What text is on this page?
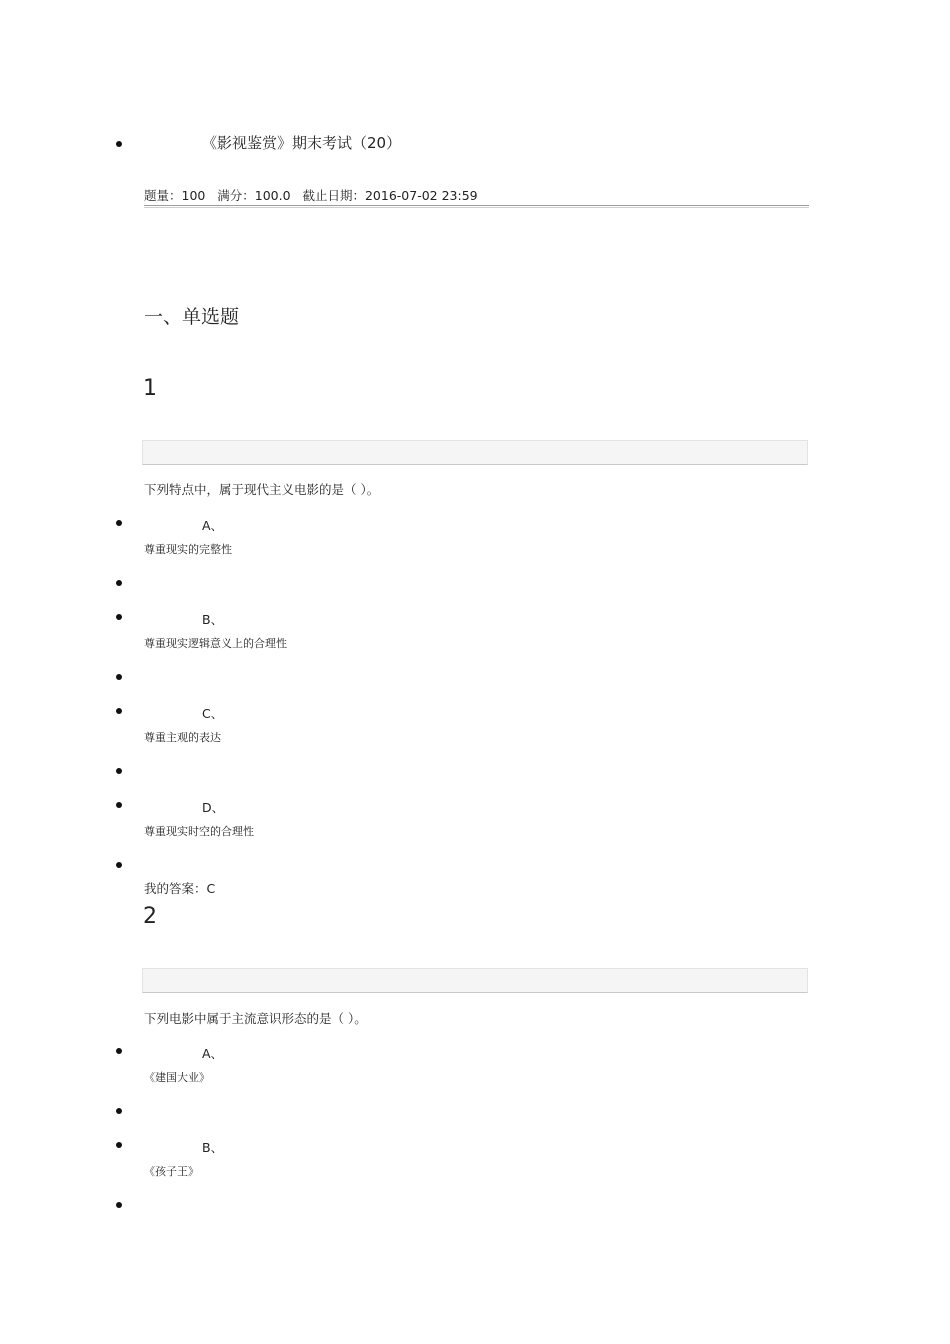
《影视鉴赏》期末考试（20）
题量：100   满分：100.0   截止日期：2016-07-02 23:59
一、单选题
1
下列特点中，属于现代主义电影的是（ ）。
A、
尊重现实的完整性
B、
尊重现实逻辑意义上的合理性
C、
尊重主观的表达
D、
尊重现实时空的合理性
我的答案：C
2
下列电影中属于主流意识形态的是（ ）。
A、
《建国大业》
B、
《孩子王》
